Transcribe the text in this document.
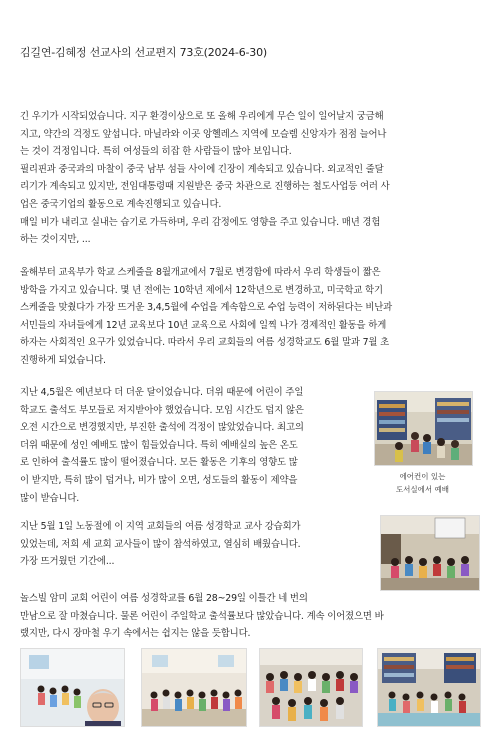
김길연-김혜정 선교사의 선교편지 73호(2024-6-30)
긴 우기가 시작되었습니다. 지구 환경이상으로 또 올해 우리에게 무슨 일이 일어날지 궁금해
지고, 약간의 걱정도 앞섭니다. 마닐라와 이곳 앙헬레스 지역에 모슬렘 신앙자가 점점 늘어나
는 것이 걱정입니다. 특히 여성들의 히잡 한 사람들이 많아 보입니다.
필리핀과 중국과의 마찰이 중국 남부 섬들 사이에 긴장이 계속되고 있습니다. 외교적인 줄달
리기가 계속되고 있지만, 전임대통령때 지원받은 중국 차관으로 진행하는 철도사업등 여러 사
업은 중국기업의 활동으로 계속진행되고 있습니다.
매일 비가 내리고 실내는 습기로 가득하며, 우리 감정에도 영향을 주고 있습니다. 매년 경험
하는 것이지만, ...
올해부터 교육부가 학교 스케줄을 8월개교에서 7월로 변경함에 따라서 우리 학생들이 짧은
방학을 가지고 있습니다. 몇 년 전에는 10학년 제에서 12학년으로 변경하고, 미국학교 학기
스케줄을 맞췄다가 가장 뜨거운 3,4,5월에 수업을 계속함으로 수업 능력이 저하된다는 비난과
서민들의 자녀들에게 12년 교육보다 10년 교육으로 사회에 일찍 나가 경제적인 활동을 하게
하자는 사회적인 요구가 있었습니다. 따라서 우리 교회들의 여름 성경학교도 6월 말과 7월 초
진행하게 되었습니다.
지난 4,5월은 예년보다 더 더운 달이었습니다. 더위 때문에 어린이 주일
학교도 출석도 부모들로 저지받아야 했었습니다. 모임 시간도 덥지 않은
오전 시간으로 변경했지만, 부진한 출석에 걱정이 많았었습니다. 최고의
더위 때문에 성인 예배도 많이 힘들었습니다. 특히 예배실의 높은 온도
로 인하여 출석률도 많이 떨어졌습니다. 모든 활동은 기후의 영향도 많
이 받지만, 특히 많이 덥거나, 비가 많이 오면, 성도들의 활동이 제약을
많이 받습니다.
에어컨이 있는
도서실에서 예배
지난 5월 1일 노동절에 이 지역 교회들의 여름 성경학교 교사 강습회가
있었는데, 저희 세 교회 교사들이 많이 참석하였고, 열심히 배웠습니다.
가장 뜨거웠던 기간에...
놀스빌 암미 교회 어린이 여름 성경학교를 6월 28~29일 이틀간 네 번의
만남으로 잘 마쳤습니다. 물론 어린이 주일학교 출석률보다 많았습니다. 계속 이어졌으면 바
랬지만, 다시 장마철 우기 속에서는 쉽지는 않을 듯합니다.
